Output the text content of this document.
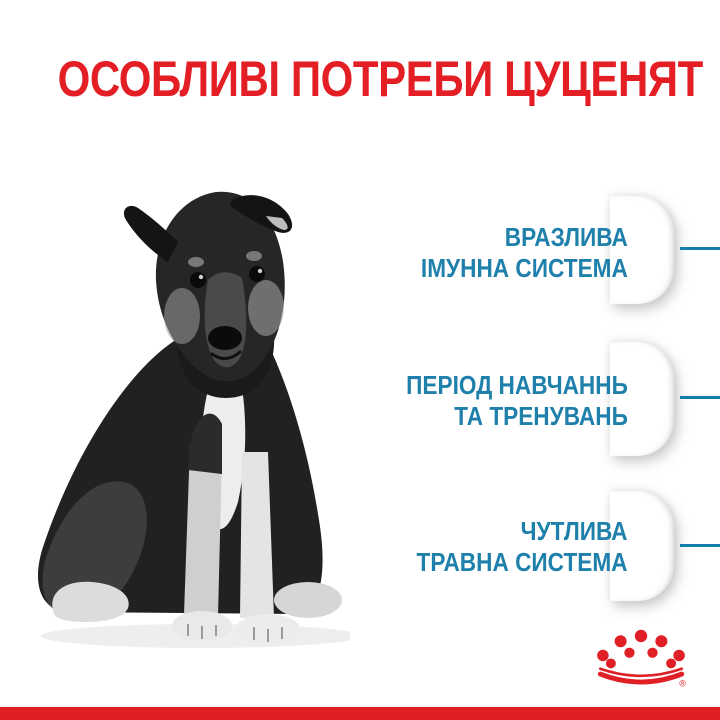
ОСОБЛИВІ ПОТРЕБИ ЦУЦЕНЯТ
ВРАЗЛИВА
ІМУННА СИСТЕМА
ПЕРІОД НАВЧАННЬ
ТА ТРЕНУВАНЬ
ЧУТЛИВА
ТРАВНА СИСТЕМА
®
